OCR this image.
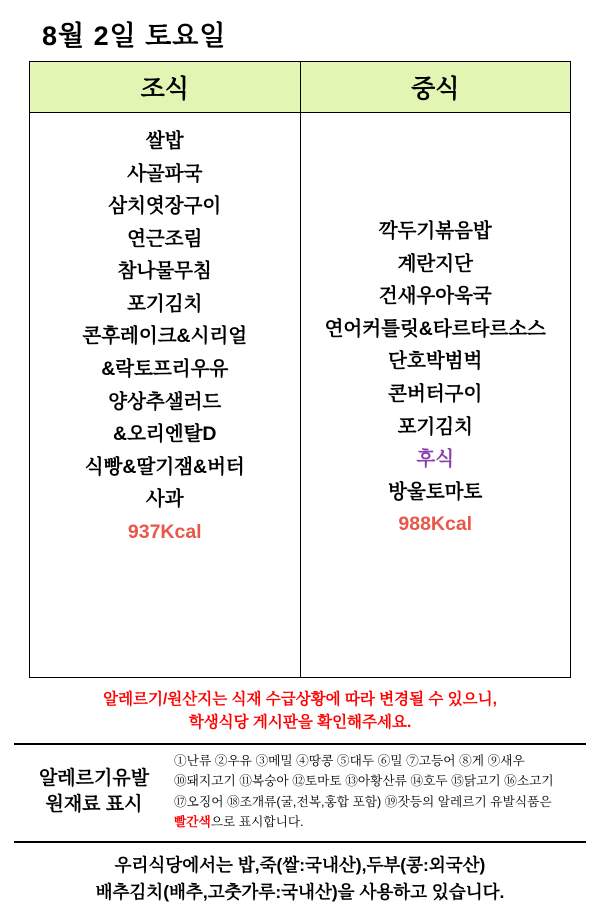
8월 2일 토요일
조식	중식

쌀밥
사골파국
삼치엿장구이
연근조림
참나물무침
포기김치
콘후레이크&시리얼
&락토프리우유
양상추샐러드
&오리엔탈D
식빵&딸기잼&버터
사과
937Kcal

깍두기볶음밥
계란지단
건새우아욱국
연어커틀릿&타르타르소스
단호박범벅
콘버터구이
포기김치
후식
방울토마토
988Kcal
알레르기/원산지는 식재 수급상황에 따라 변경될 수 있으니,
학생식당 게시판을 확인해주세요.
알레르기유발
원재료 표시
①난류 ②우유 ③메밀 ④땅콩 ⑤대두 ⑥밀 ⑦고등어 ⑧게 ⑨새우
⑩돼지고기 ⑪복숭아 ⑫토마토 ⑬아황산류 ⑭호두 ⑮닭고기 ⑯소고기
⑰오징어 ⑱조개류(굴,전복,홍합 포함) ⑲잣등의 알레르기 유발식품은
빨간색으로 표시합니다.
우리식당에서는 밥,죽(쌀:국내산),두부(콩:외국산)
배추김치(배추,고춧가루:국내산)을 사용하고 있습니다.
